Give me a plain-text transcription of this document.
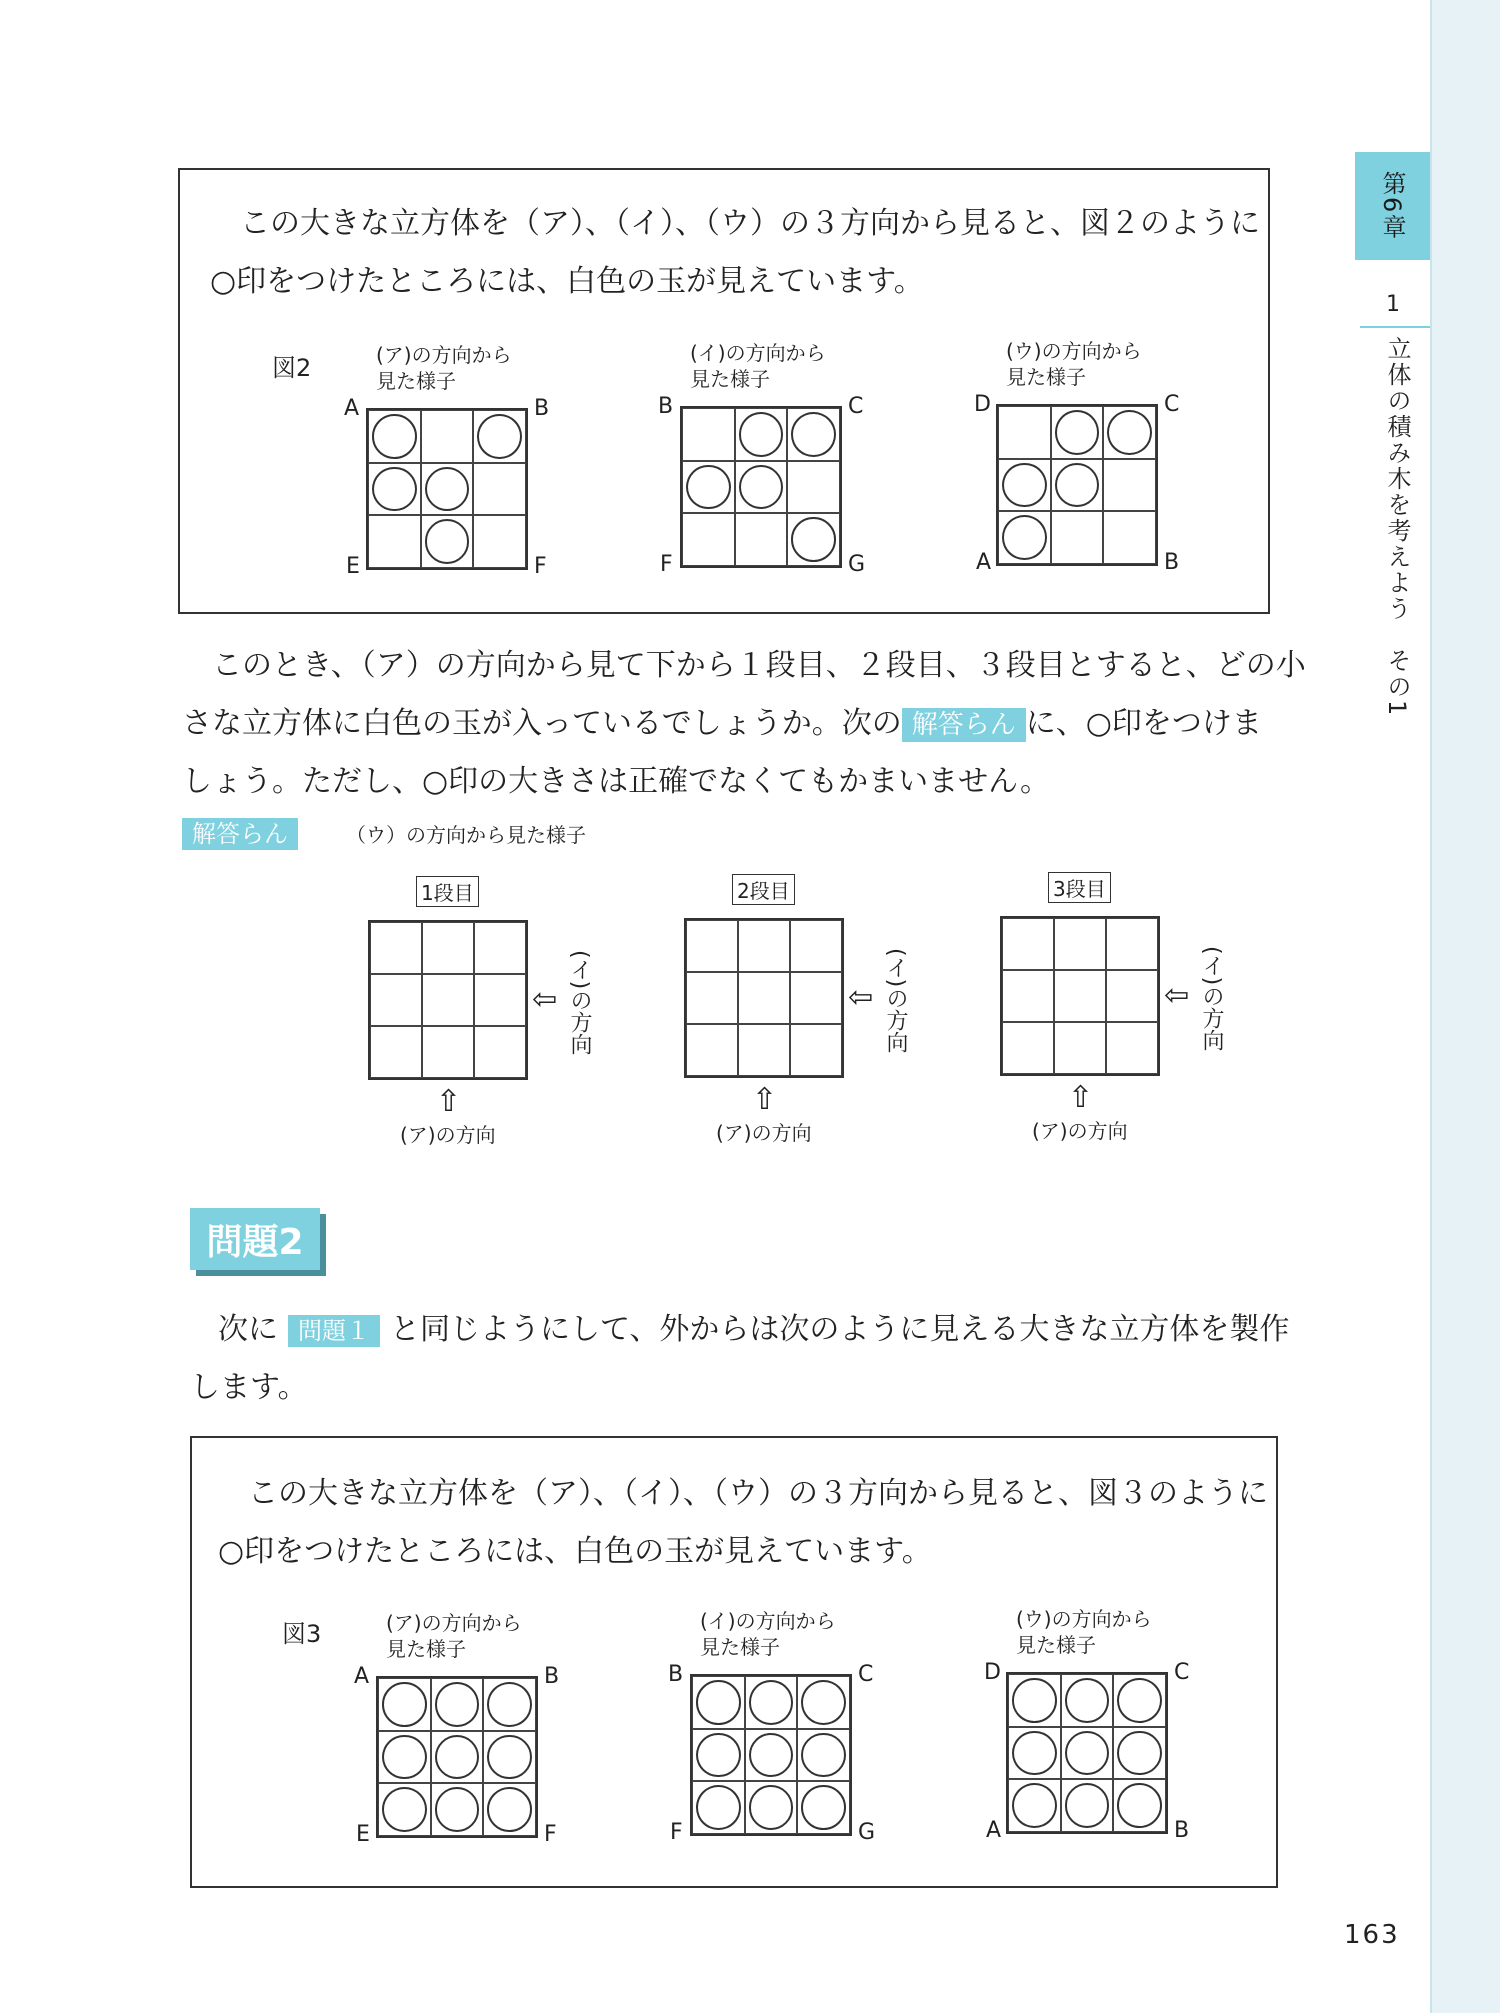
第6章
1
立体の積み木を考えよう　その1
この大きな立方体を（ア）、（イ）、（ウ）の３方向から見ると、図２のように
○印をつけたところには、白色の玉が見えています。
図2	(ア)の方向から
見た様子
A	B
E	F
(イ)の方向から
見た様子
B	C
F	G
(ウ)の方向から
見た様子
D	C
A	B
このとき、（ア）の方向から見て下から１段目、２段目、３段目とすると、どの小
さな立方体に白色の玉が入っているでしょうか。次の 解答らん に、○印をつけま
しょう。ただし、○印の大きさは正確でなくてもかまいません。
解答らん	（ウ）の方向から見た様子
1段目
⇦ (イ)の方向
⇧
(ア)の方向
2段目
⇦ (イ)の方向
⇧
(ア)の方向
3段目
⇦ (イ)の方向
⇧
(ア)の方向
問題2
次に 問題１ と同じようにして、外からは次のように見える大きな立方体を製作
します。
この大きな立方体を（ア）、（イ）、（ウ）の３方向から見ると、図３のように
○印をつけたところには、白色の玉が見えています。
図3	(ア)の方向から
見た様子
A	B
E	F
(イ)の方向から
見た様子
B	C
F	G
(ウ)の方向から
見た様子
D	C
A	B
163
